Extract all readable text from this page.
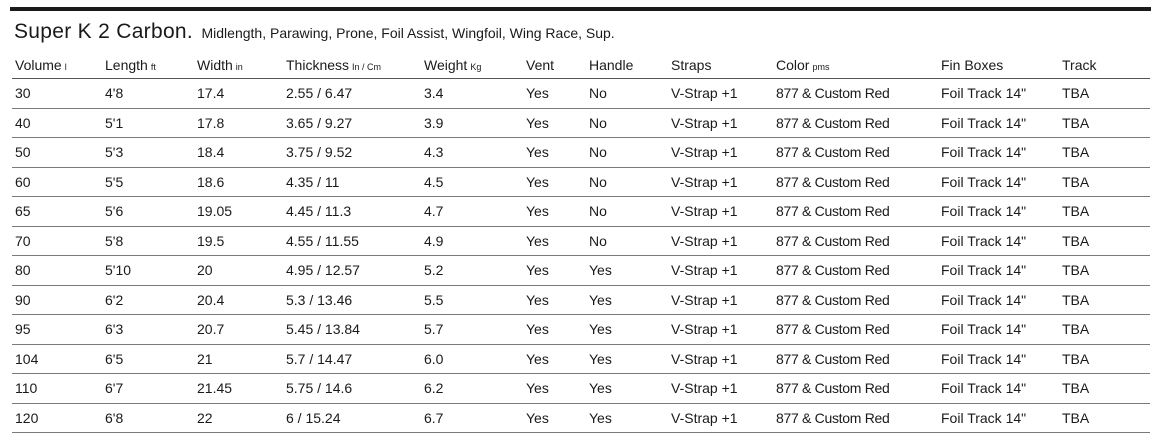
Super K 2 Carbon. Midlength, Parawing, Prone, Foil Assist, Wingfoil, Wing Race, Sup.
Volume l	Length ft	Width in	Thickness In / Cm	Weight Kg	Vent	Handle	Straps	Color pms	Fin Boxes	Track
30	4'8	17.4	2.55 / 6.47	3.4	Yes	No	V-Strap +1	877 & Custom Red	Foil Track 14"	TBA
40	5'1	17.8	3.65 / 9.27	3.9	Yes	No	V-Strap +1	877 & Custom Red	Foil Track 14"	TBA
50	5'3	18.4	3.75 / 9.52	4.3	Yes	No	V-Strap +1	877 & Custom Red	Foil Track 14"	TBA
60	5'5	18.6	4.35 / 11	4.5	Yes	No	V-Strap +1	877 & Custom Red	Foil Track 14"	TBA
65	5'6	19.05	4.45 / 11.3	4.7	Yes	No	V-Strap +1	877 & Custom Red	Foil Track 14"	TBA
70	5'8	19.5	4.55 / 11.55	4.9	Yes	No	V-Strap +1	877 & Custom Red	Foil Track 14"	TBA
80	5'10	20	4.95 / 12.57	5.2	Yes	Yes	V-Strap +1	877 & Custom Red	Foil Track 14"	TBA
90	6'2	20.4	5.3 / 13.46	5.5	Yes	Yes	V-Strap +1	877 & Custom Red	Foil Track 14"	TBA
95	6'3	20.7	5.45 / 13.84	5.7	Yes	Yes	V-Strap +1	877 & Custom Red	Foil Track 14"	TBA
104	6'5	21	5.7 / 14.47	6.0	Yes	Yes	V-Strap +1	877 & Custom Red	Foil Track 14"	TBA
110	6'7	21.45	5.75 / 14.6	6.2	Yes	Yes	V-Strap +1	877 & Custom Red	Foil Track 14"	TBA
120	6'8	22	6 / 15.24	6.7	Yes	Yes	V-Strap +1	877 & Custom Red	Foil Track 14"	TBA
